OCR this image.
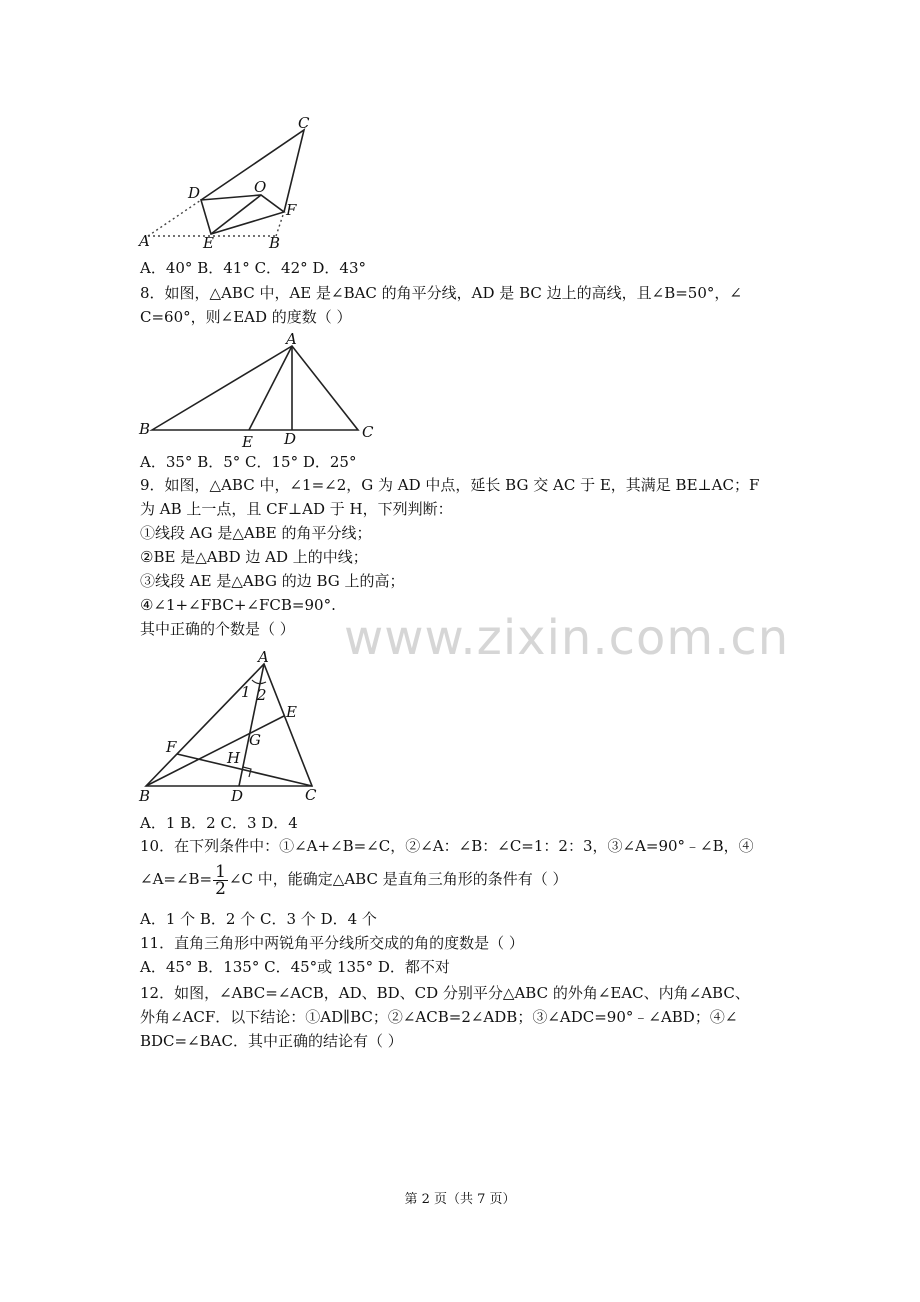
www.zixin.com.cn
C
D	O
F
A	E	B
A．40° B．41° C．42° D．43°
8．如图，△ABC 中，AE 是∠BAC 的角平分线，AD 是 BC 边上的高线，且∠B=50°，∠
C=60°，则∠EAD 的度数（ ）
A
B	C
E D
A．35° B．5° C．15° D．25°
9．如图，△ABC 中，∠1=∠2，G 为 AD 中点，延长 BG 交 AC 于 E，其满足 BE⊥AC；F
为 AB 上一点，且 CF⊥AD 于 H，下列判断：
①线段 AG 是△ABE 的角平分线；
②BE 是△ABD 边 AD 上的中线；
③线段 AE 是△ABG 的边 BG 上的高；
④∠1+∠FBC+∠FCB=90°.
其中正确的个数是（ ）
A
1 2
E
F	G
H
B	D	C
A．1 B．2 C．3 D．4
10．在下列条件中：①∠A+∠B=∠C，②∠A：∠B：∠C=1：2：3，③∠A=90°﹣∠B，④
∠A=∠B= $\frac{1}{2}$ ∠C 中，能确定△ABC 是直角三角形的条件有（ ）
A．1 个 B．2 个 C．3 个 D．4 个
11．直角三角形中两锐角平分线所交成的角的度数是（ ）
A．45° B．135° C．45°或 135° D．都不对
12．如图，∠ABC=∠ACB，AD、BD、CD 分别平分△ABC 的外角∠EAC、内角∠ABC、
外角∠ACF．以下结论：①AD∥BC；②∠ACB=2∠ADB；③∠ADC=90°﹣∠ABD；④∠
BDC=∠BAC．其中正确的结论有（ ）
第 2 页（共 7 页）
